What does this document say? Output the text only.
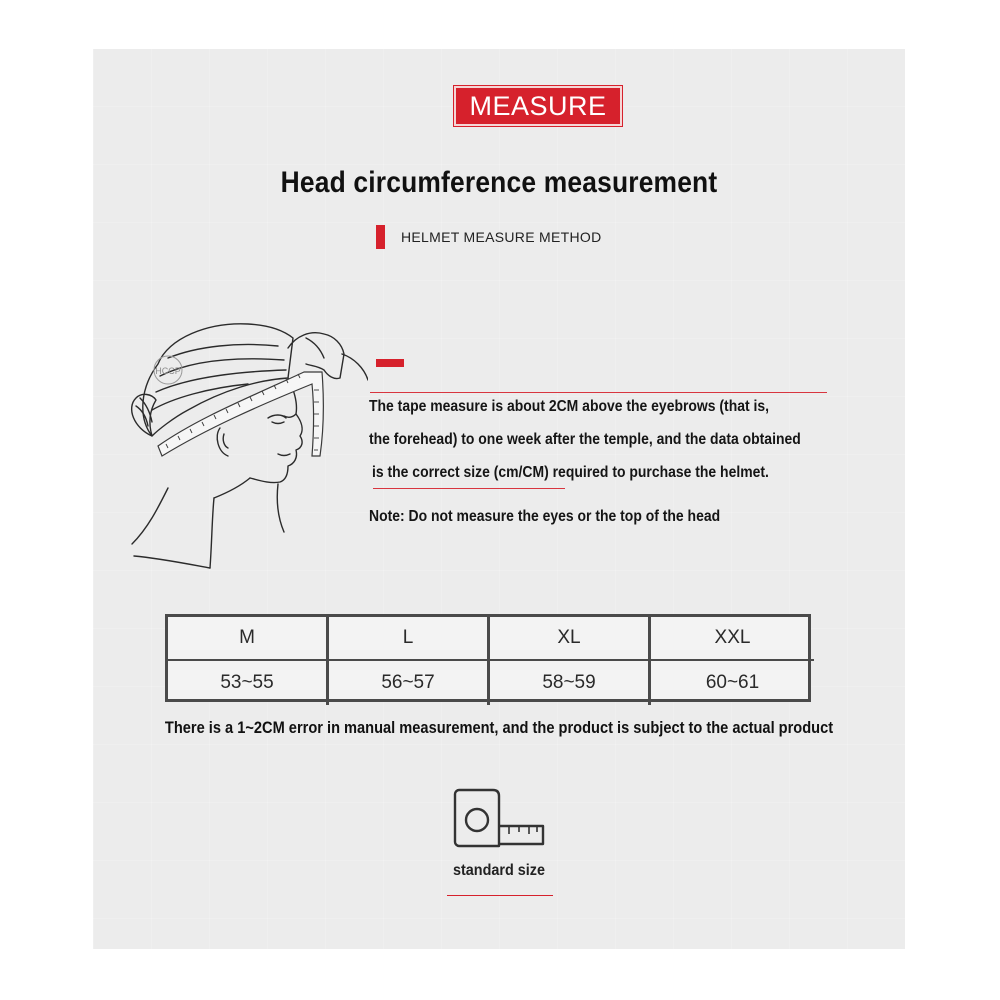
MEASURE
Head circumference measurement
HELMET MEASURE METHOD
HCCP
The tape measure is about 2CM above the eyebrows (that is,
the forehead) to one week after the temple, and the data obtained
is the correct size (cm/CM) required to purchase the helmet.
Note: Do not measure the eyes or the top of the head
M	L	XL	XXL
53~55	56~57	58~59	60~61
There is a 1~2CM error in manual measurement, and the product is subject to the actual product
standard size
